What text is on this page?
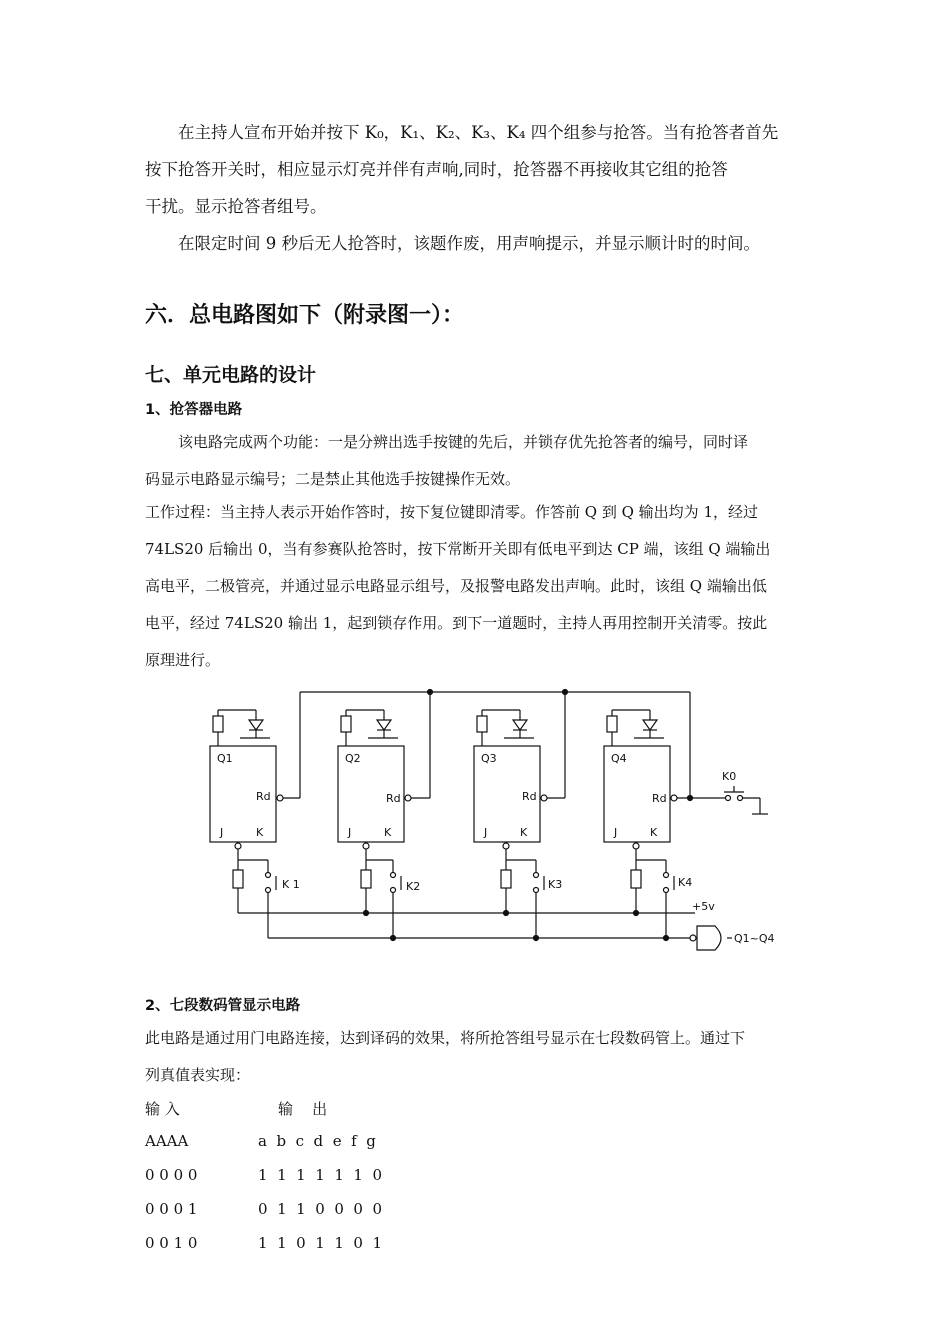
在主持人宣布开始并按下 K₀，K₁、K₂、K₃、K₄ 四个组参与抢答。当有抢答者首先
按下抢答开关时，相应显示灯亮并伴有声响,同时，抢答器不再接收其它组的抢答
干扰。显示抢答者组号。
在限定时间 9 秒后无人抢答时，该题作废，用声响提示，并显示顺计时的时间。
六．总电路图如下（附录图一）：
七、单元电路的设计
1、抢答器电路
该电路完成两个功能：一是分辨出选手按键的先后，并锁存优先抢答者的编号，同时译
码显示电路显示编号；二是禁止其他选手按键操作无效。
工作过程：当主持人表示开始作答时，按下复位键即清零。作答前 Q 到 Q 输出均为 1，经过
74LS20 后输出 0，当有参赛队抢答时，按下常断开关即有低电平到达 CP 端，该组 Q 端输出
高电平，二极管亮，并通过显示电路显示组号，及报警电路发出声响。此时，该组 Q 端输出低
电平，经过 74LS20 输出 1，起到锁存作用。到下一道题时，主持人再用控制开关清零。按此
原理进行。
Q1	Q2	Q3	Q4
Rd	Rd	Rd	Rd
J	K	J	K	J	K	J	K
K 1	K2	K3	K4
K0
+5v
Q1~Q4
2、七段数码管显示电路
此电路是通过用门电路连接，达到译码的效果，将所抢答组号显示在七段数码管上。通过下
列真值表实现：
输 入	输    出
AAAA	a  b  c  d  e  f  g
0 0 0 0	1  1  1  1  1  1  0
0 0 0 1	0  1  1  0  0  0  0
0 0 1 0	1  1  0  1  1  0  1
